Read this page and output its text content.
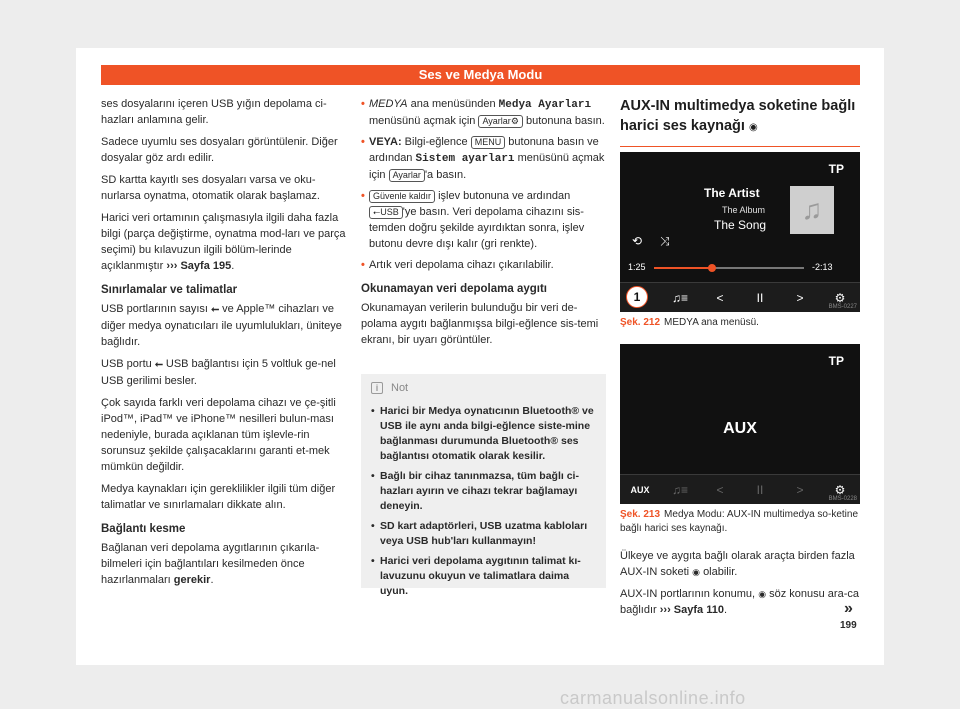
Ses ve Medya Modu

ses dosyalarını içeren USB yığın depolama ci-hazları anlamına gelir.

Sadece uyumlu ses dosyaları görüntülenir. Diğer dosyalar göz ardı edilir.

SD kartta kayıtlı ses dosyaları varsa ve oku-nurlarsa oynatma, otomatik olarak başlamaz.

Harici veri ortamının çalışmasıyla ilgili daha fazla bilgi (parça değiştirme, oynatma mod-ları ve parça seçimi) bu kılavuzun ilgili bölüm-lerinde açıklanmıştır ››› Sayfa 195.

Sınırlamalar ve talimatlar

USB portlarının sayısı ⭠ ve Apple™ cihazları ve diğer medya oynatıcıları ile uyumlulukları, üniteye bağlıdır.

USB portu ⭠ USB bağlantısı için 5 voltluk ge-nel USB gerilimi besler.

Çok sayıda farklı veri depolama cihazı ve çe-şitli iPod™, iPad™ ve iPhone™ nesilleri bulun-ması nedeniyle, burada açıklanan tüm işlevle-rin sorunsuz şekilde çalışacaklarını garanti et-mek mümkün değildir.

Medya kaynakları için gereklilikler ilgili tüm diğer talimatlar ve sınırlamaları dikkate alın.

Bağlantı kesme

Bağlanan veri depolama aygıtlarının çıkarıla-bilmeleri için bağlantıları kesilmeden önce hazırlanmaları gerekir.

• MEDYA ana menüsünden Medya Ayarları menüsünü açmak için Ayarlar⚙ butonuna basın.
• VEYA: Bilgi-eğlence MENU butonuna basın ve ardından Sistem ayarları menüsünü açmak için Ayarlar 'a basın.
• Güvenle kaldır işlev butonuna ve ardından
⭠USB 'ye basın. Veri depolama cihazını sis-temden doğru şekilde ayırdıktan sonra, işlev butonu devre dışı kalır (gri renkte).
• Artık veri depolama cihazı çıkarılabilir.

Okunamayan veri depolama aygıtı

Okunamayan verilerin bulunduğu bir veri de-polama aygıtı bağlanmışsa bilgi-eğlence sis-temi ekranı, bir uyarı görüntüler.

i	Not
• Harici bir Medya oynatıcının Bluetooth® ve USB ile aynı anda bilgi-eğlence siste-mine bağlanması durumunda Bluetooth® ses bağlantısı otomatik olarak kesilir.
• Bağlı bir cihaz tanınmazsa, tüm bağlı ci-hazları ayırın ve cihazı tekrar bağlamayı deneyin.
• SD kart adaptörleri, USB uzatma kabloları veya USB hub'ları kullanmayın!
• Harici veri depolama aygıtının talimat kı-lavuzunu okuyun ve talimatlara daima uyun.
AUX-IN multimedya soketine bağlı harici ses kaynağı ◉
TP
The Artist
The Album
The Song	♫
⟲ ⤨
1:25	-2:13
1	♫≡	<	II	>	⚙
BMS-0227
Şek. 212 MEDYA ana menüsü.
TP
AUX
AUX	♫≡	<	II	>	⚙
BMS-0228
Şek. 213 Medya Modu: AUX-IN multimedya so-ketine bağlı harici ses kaynağı.

Ülkeye ve aygıta bağlı olarak araçta birden fazla AUX-IN soketi ◉ olabilir.

AUX-IN portlarının konumu, ◉ söz konusu ara-ca bağlıdır ››› Sayfa 110.	»
199
carmanualsonline.info
